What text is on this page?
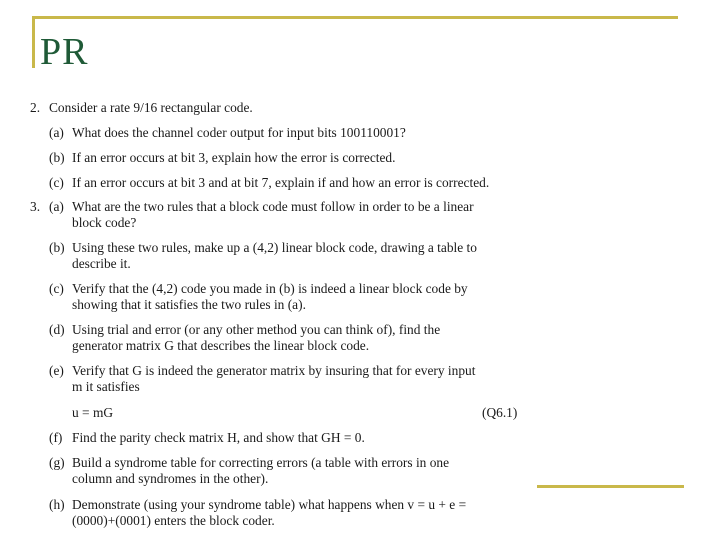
PR
2. Consider a rate 9/16 rectangular code.
(a) What does the channel coder output for input bits 100110001?
(b) If an error occurs at bit 3, explain how the error is corrected.
(c) If an error occurs at bit 3 and at bit 7, explain if and how an error is corrected.
3. (a) What are the two rules that a block code must follow in order to be a linear
block code?
(b) Using these two rules, make up a (4,2) linear block code, drawing a table to
describe it.
(c) Verify that the (4,2) code you made in (b) is indeed a linear block code by
showing that it satisfies the two rules in (a).
(d) Using trial and error (or any other method you can think of), find the
generator matrix G that describes the linear block code.
(e) Verify that G is indeed the generator matrix by insuring that for every input
m it satisfies
u = mG	(Q6.1)
(f) Find the parity check matrix H, and show that GH = 0.
(g) Build a syndrome table for correcting errors (a table with errors in one
column and syndromes in the other).
(h) Demonstrate (using your syndrome table) what happens when v = u + e =
(0000)+(0001) enters the block coder.
